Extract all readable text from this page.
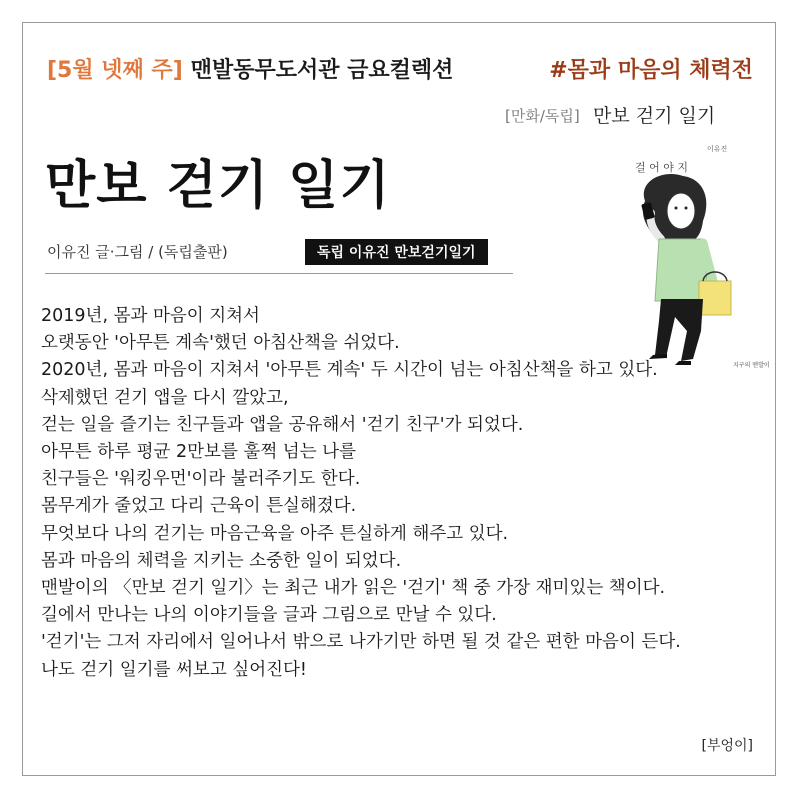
[5월 넷째 주] 맨발동무도서관 금요컬렉션	#몸과 마음의 체력전
[만화/독립] 만보 걷기 일기
이유진
걸 어 야 지
지구의 맨발이
만보 걷기 일기
이유진 글·그림 / (독립출판)	독립 이유진 만보걷기일기

2019년, 몸과 마음이 지쳐서

오랫동안 '아무튼 계속'했던 아침산책을 쉬었다.

2020년, 몸과 마음이 지쳐서 '아무튼 계속' 두 시간이 넘는 아침산책을 하고 있다.

삭제했던 걷기 앱을 다시 깔았고,

걷는 일을 즐기는 친구들과 앱을 공유해서 '걷기 친구'가 되었다.

아무튼 하루 평균 2만보를 훌쩍 넘는 나를

친구들은 '워킹우먼'이라 불러주기도 한다.

몸무게가 줄었고 다리 근육이 튼실해졌다.

무엇보다 나의 걷기는 마음근육을 아주 튼실하게 해주고 있다.

몸과 마음의 체력을 지키는 소중한 일이 되었다.

맨발이의 〈만보 걷기 일기〉는 최근 내가 읽은 '걷기' 책 중 가장 재미있는 책이다.

길에서 만나는 나의 이야기들을 글과 그림으로 만날 수 있다.

'걷기'는 그저 자리에서 일어나서 밖으로 나가기만 하면 될 것 같은 편한 마음이 든다.

나도 걷기 일기를 써보고 싶어진다!

[부엉이]
